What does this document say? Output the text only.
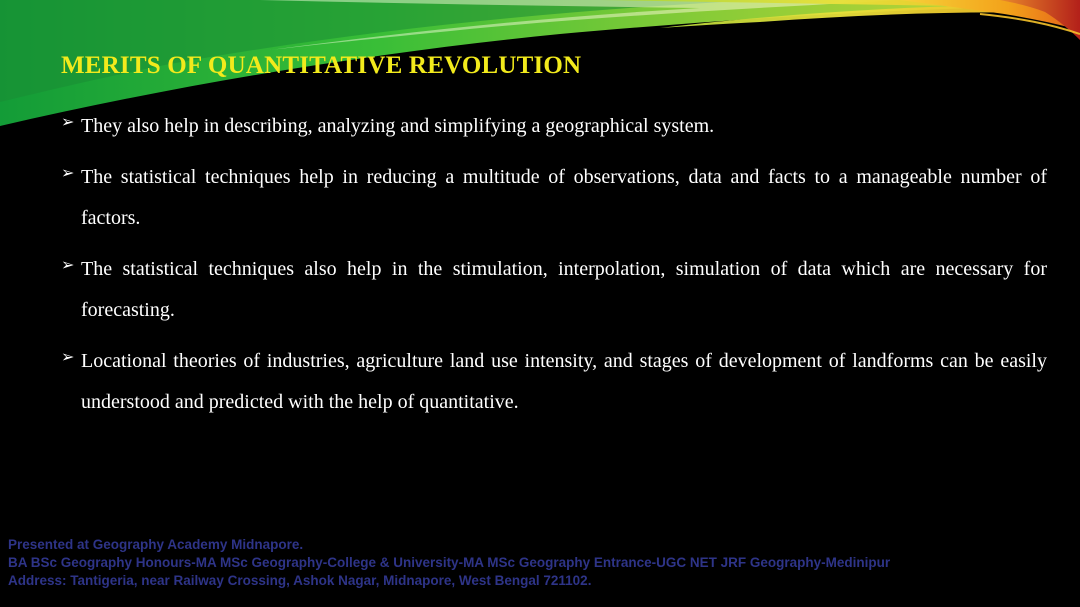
MERITS OF QUANTITATIVE REVOLUTION
➢ They also help in describing, analyzing and simplifying a geographical system.
➢ The statistical techniques help in reducing a multitude of observations, data and facts to a manageable number of factors.
➢ The statistical techniques also help in the stimulation, interpolation, simulation of data which are necessary for forecasting.
➢ Locational theories of industries, agriculture land use intensity, and stages of development of landforms can be easily understood and predicted with the help of quantitative.
Presented at Geography Academy Midnapore.
BA BSc Geography Honours-MA MSc Geography-College & University-MA MSc Geography Entrance-UGC NET JRF Geography-Medinipur
Address: Tantigeria, near Railway Crossing, Ashok Nagar, Midnapore, West Bengal 721102.
